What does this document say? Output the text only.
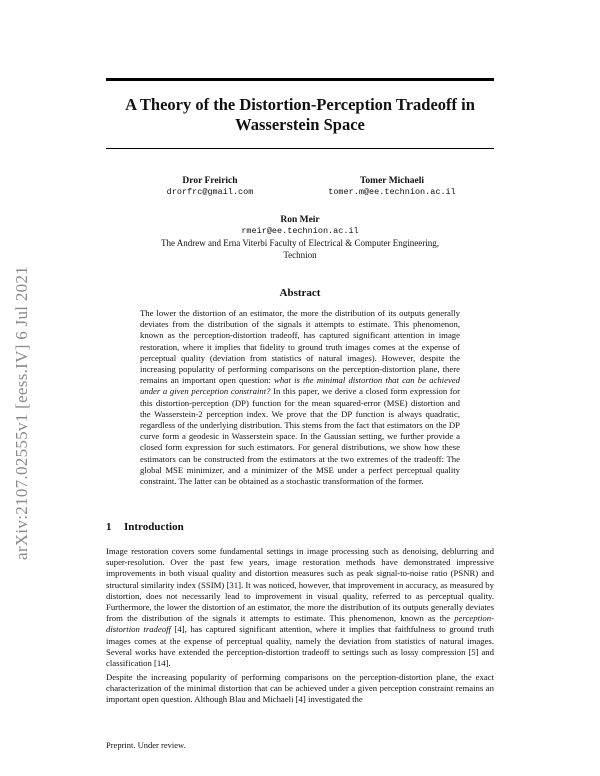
arXiv:2107.02555v1 [eess.IV] 6 Jul 2021
A Theory of the Distortion-Perception Tradeoff in
Wasserstein Space
Dror Freirich
drorfrc@gmail.com
Tomer Michaeli
tomer.m@ee.technion.ac.il
Ron Meir
rmeir@ee.technion.ac.il
The Andrew and Erna Viterbi Faculty of Electrical & Computer Engineering,
Technion
Abstract

The lower the distortion of an estimator, the more the distribution of its outputs generally deviates from the distribution of the signals it attempts to estimate. This phenomenon, known as the perception-distortion tradeoff, has captured significant attention in image restoration, where it implies that fidelity to ground truth images comes at the expense of perceptual quality (deviation from statistics of natural images). However, despite the increasing popularity of performing comparisons on the perception-distortion plane, there remains an important open question: what is the minimal distortion that can be achieved under a given perception constraint? In this paper, we derive a closed form expression for this distortion-perception (DP) function for the mean squared-error (MSE) distortion and the Wasserstein-2 perception index. We prove that the DP function is always quadratic, regardless of the underlying distribution. This stems from the fact that estimators on the DP curve form a geodesic in Wasserstein space. In the Gaussian setting, we further provide a closed form expression for such estimators. For general distributions, we show how these estimators can be constructed from the estimators at the two extremes of the tradeoff: The global MSE minimizer, and a minimizer of the MSE under a perfect perceptual quality constraint. The latter can be obtained as a stochastic transformation of the former.

1 Introduction

Image restoration covers some fundamental settings in image processing such as denoising, deblurring and super-resolution. Over the past few years, image restoration methods have demonstrated impressive improvements in both visual quality and distortion measures such as peak signal-to-noise ratio (PSNR) and structural similarity index (SSIM) [31]. It was noticed, however, that improvement in accuracy, as measured by distortion, does not necessarily lead to improvement in visual quality, referred to as perceptual quality. Furthermore, the lower the distortion of an estimator, the more the distribution of its outputs generally deviates from the distribution of the signals it attempts to estimate. This phenomenon, known as the perception-distortion tradeoff [4], has captured significant attention, where it implies that faithfulness to ground truth images comes at the expense of perceptual quality, namely the deviation from statistics of natural images. Several works have extended the perception-distortion tradeoff to settings such as lossy compression [5] and classification [14].

Despite the increasing popularity of performing comparisons on the perception-distortion plane, the exact characterization of the minimal distortion that can be achieved under a given perception constraint remains an important open question. Although Blau and Michaeli [4] investigated the

Preprint. Under review.
